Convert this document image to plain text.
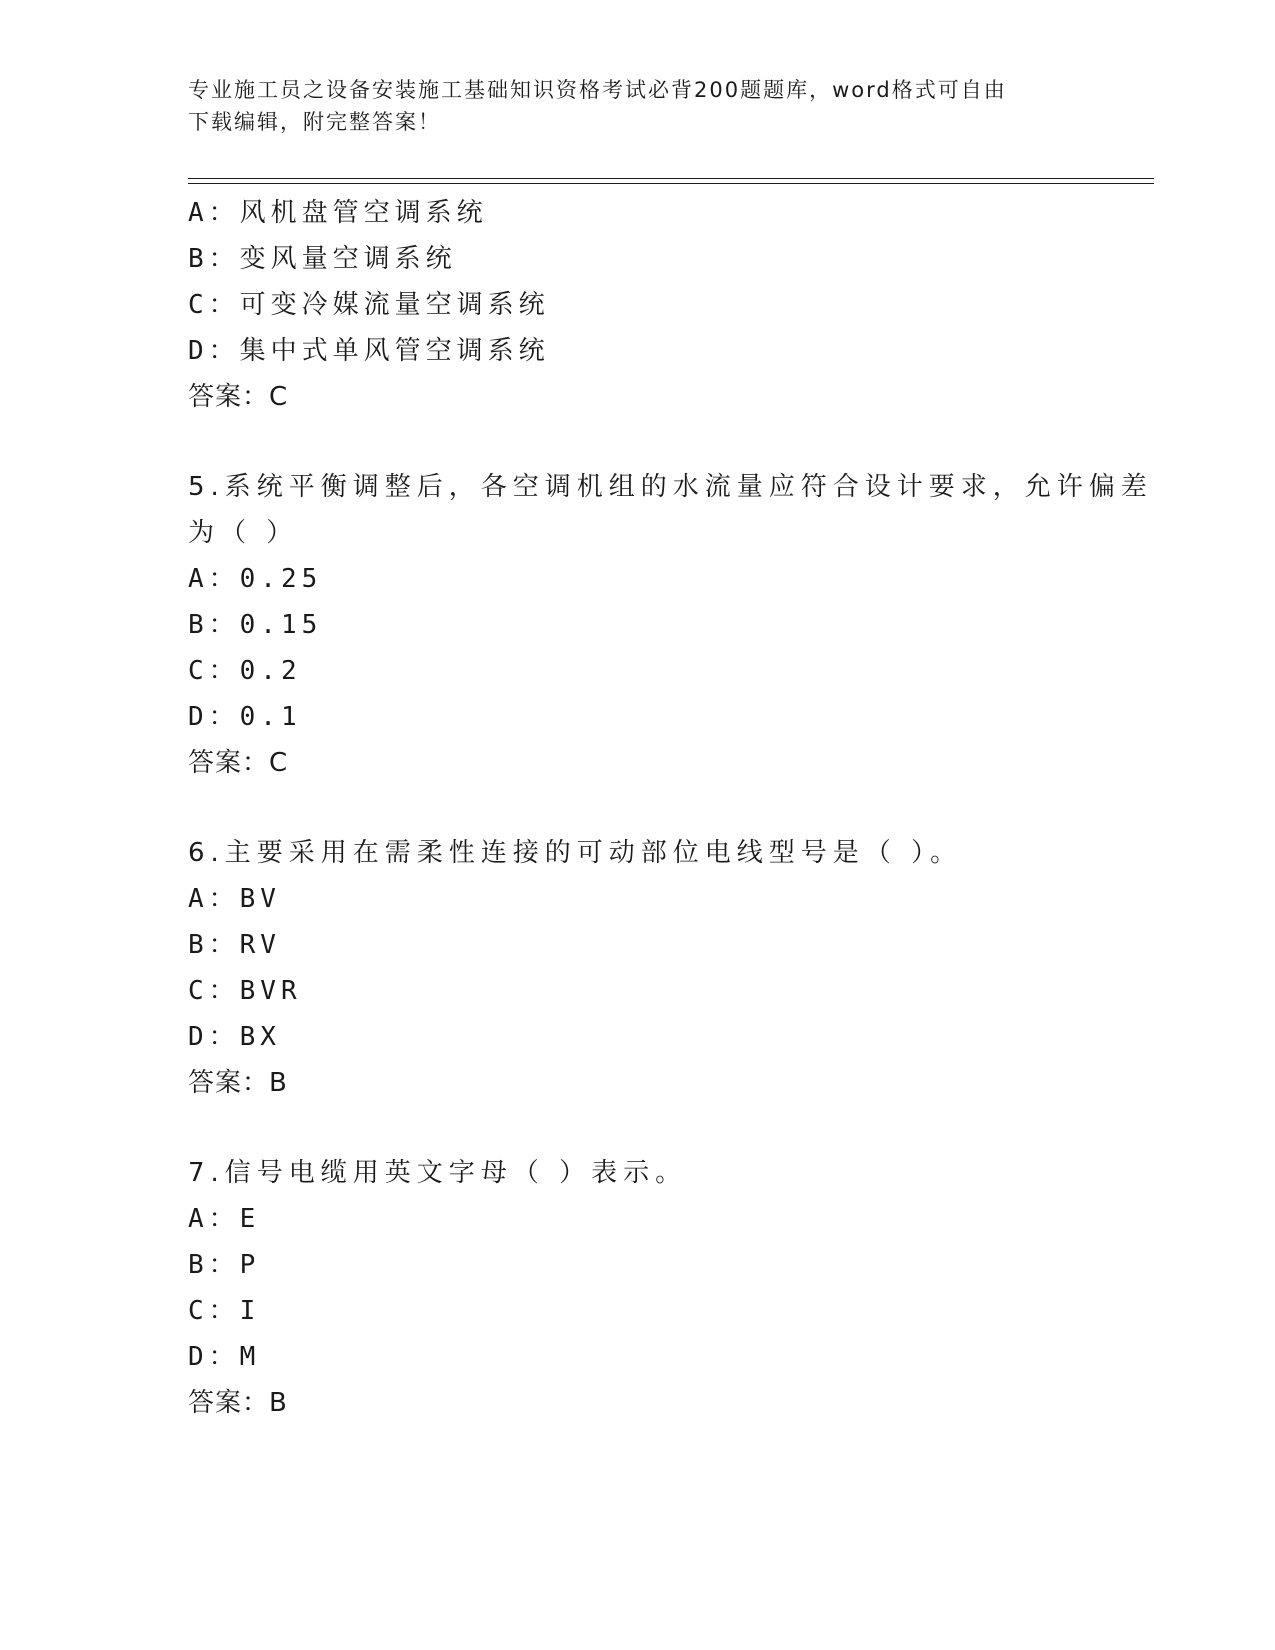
专业施工员之设备安装施工基础知识资格考试必背200题题库，word格式可自由
下载编辑，附完整答案！
A：风机盘管空调系统
B：变风量空调系统
C：可变冷媒流量空调系统
D：集中式单风管空调系统
答案：C
5.系统平衡调整后，各空调机组的水流量应符合设计要求，允许偏差
为（ ）
A：0.25
B：0.15
C：0.2
D：0.1
答案：C
6.主要采用在需柔性连接的可动部位电线型号是（ ）。
A：BV
B：RV
C：BVR
D：BX
答案：B
7.信号电缆用英文字母（ ）表示。
A：E
B：P
C：I
D：M
答案：B
